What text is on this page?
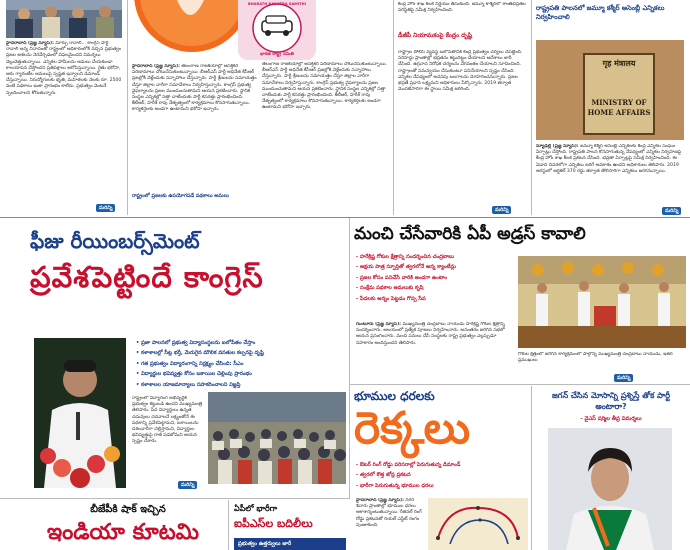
హైదరాబాద్ (ప్రజ్ఞ న్యూస్): మార్పు రావాలి... కాంగ్రెస్ పార్టీ రావాలి అన్న నినాదంతో రాష్ట్రంలో అధికారంలోకి వచ్చిన ప్రభుత్వం ప్రజల ఆశలను నెరవేర్చడంలో విఫలమైందని విమర్శలు వెల్లువెత్తుతున్నాయి. ఎన్నికల హామీలను అమలు చేయకుండా కాలయాపన చేస్తోందని ప్రతిపక్షాలు ఆరోపిస్తున్నాయి. రైతు భరోసా, ఆరు గ్యారంటీల అమలుపై స్పష్టత ఇవ్వాలని డిమాండ్ చేస్తున్నాయి. నిరుద్యోగులకు భృతి, మహిళలకు నెలకు రూ. 2500 వంటి పథకాలు ఇంకా ప్రారంభం కాలేదు. ప్రభుత్వం వెంటనే స్పందించాలని కోరుతున్నారు.
మరిన్ని
BHARATH RASHTRA SAMITHI
భారత రాష్ట్ర సమితి
హైదరాబాద్ (ప్రజ్ఞ న్యూస్): తెలంగాణ రాజకీయాల్లో ఆసక్తికర పరిణామాలు చోటుచేసుకుంటున్నాయి. బీఆర్ఎస్ పార్టీ అధినేత కేసీఆర్ ప్రజల్లోకి వెళ్లేందుకు సన్నాహాలు చేస్తున్నారు. పార్టీ శ్రేణులను సమాయత్తం చేస్తూ జిల్లాల వారీగా సమావేశాలు నిర్వహిస్తున్నారు. కాంగ్రెస్ ప్రభుత్వ వైఫల్యాలను ప్రజల ముందుంచుతామని ఆయన ప్రకటించారు. స్థానిక సంస్థల ఎన్నికల్లో సత్తా చాటేందుకు పార్టీ కసరత్తు ప్రారంభించింది. కేటీఆర్, హరీశ్ రావు నేతృత్వంలో కార్యక్రమాలు కొనసాగుతున్నాయి. కార్యకర్తలకు అండగా ఉంటామని భరోసా ఇచ్చారు.
రాష్ట్రంలో ప్రజలకు ఉపయోగపడే పథకాలు అమలు
తెలంగాణ రాజకీయాల్లో ఆసక్తికర పరిణామాలు చోటుచేసుకుంటున్నాయి. బీఆర్ఎస్ పార్టీ అధినేత కేసీఆర్ ప్రజల్లోకి వెళ్లేందుకు సన్నాహాలు చేస్తున్నారు. పార్టీ శ్రేణులను సమాయత్తం చేస్తూ జిల్లాల వారీగా సమావేశాలు నిర్వహిస్తున్నారు. కాంగ్రెస్ ప్రభుత్వ వైఫల్యాలను ప్రజల ముందుంచుతామని ఆయన ప్రకటించారు. స్థానిక సంస్థల ఎన్నికల్లో సత్తా చాటేందుకు పార్టీ కసరత్తు ప్రారంభించింది. కేటీఆర్, హరీశ్ రావు నేతృత్వంలో కార్యక్రమాలు కొనసాగుతున్నాయి. కార్యకర్తలకు అండగా ఉంటామని భరోసా ఇచ్చారు.
కేంద్ర హోం శాఖ కీలక నిర్ణయం తీసుకుంది. జమ్మూ కాశ్మీర్‌లో శాంతిభద్రతల పరిస్థితిపై సమీక్ష నిర్వహించింది.
డీజీపీ నియామకంపై కేంద్రం దృష్టి
రాష్ట్రాల పోలీస్ వ్యవస్థ బలోపేతానికి కేంద్ర ప్రభుత్వం చర్యలు చేపట్టింది. సరిహద్దు ప్రాంతాల్లో భద్రతను కట్టుదిట్టం చేయాలని ఆదేశాలు జారీ చేసింది. ఉగ్రవాద నిరోధక చర్యలను వేగవంతం చేయాలని సూచించింది. రాష్ట్రాలతో సమన్వయం చేసుకుంటూ పనిచేయాలని స్పష్టం చేసింది. ఎన్నికల నేపథ్యంలో అదనపు బలగాలను మోహరించనున్నారు. ప్రజల భద్రతే ప్రధాన లక్ష్యమని అధికారులు పేర్కొన్నారు. 2019 తర్వాత మొదటిసారిగా ఈ స్థాయి సమీక్ష జరిగింది.
మరిన్ని
రాష్ట్రపతి పాలనలో జమ్మూ కశ్మీర్ అసెంబ్లీ ఎన్నికలు నిర్వహించాలి
गृह मंत्रालय
MINISTRY OF
HOME AFFAIRS
న్యూఢిల్లీ (ప్రజ్ఞ న్యూస్): జమ్మూ కశ్మీర్ అసెంబ్లీ ఎన్నికలకు కేంద్ర ఎన్నికల సంఘం ఏర్పాట్లు చేస్తోంది. రాష్ట్రపతి పాలన కొనసాగుతున్న నేపథ్యంలో ఎన్నికల నిర్వహణపై కేంద్ర హోం శాఖ కీలక ప్రకటన చేసింది. భద్రతా ఏర్పాట్లపై సమీక్ష నిర్వహించింది. ఈ ఏడాది చివరలోగా ఎన్నికలు జరిగే అవకాశం ఉందని అధికారులు తెలిపారు. 2019 ఆగస్టులో ఆర్టికల్ 370 రద్దు తర్వాత తొలిసారిగా ఎన్నికలు జరగనున్నాయి.
మరిన్ని
ఫీజు రీయింబర్స్‌మెంట్
ప్రవేశపెట్టిందే కాంగ్రెస్
• ప్రజా పాలనలో ప్రభుత్వ విద్యాసంస్థలను బలోపేతం చేస్తాం
• కళాశాలల్లో సీట్ల భర్తీ, మెరుగైన మౌలిక వసతుల కల్పనపై దృష్టి
• గత ప్రభుత్వం విద్యారంగాన్ని నిర్లక్ష్యం చేసింది: సీఎం
• విద్యార్థుల భవిష్యత్తు కోసం బకాయిల చెల్లింపు ప్రారంభం
• కళాశాలల యాజమాన్యాలు సహకరించాలని విజ్ఞప్తి
రాష్ట్రంలో విద్యారంగ అభివృద్ధికి ప్రభుత్వం కట్టుబడి ఉందని ముఖ్యమంత్రి తెలిపారు. పేద విద్యార్థులు ఉన్నత చదువులు చదవాలనే లక్ష్యంతోనే ఈ పథకాన్ని ప్రవేశపెట్టామని, బకాయిలను దశలవారీగా చెల్లిస్తామని, విద్యార్థుల భవిష్యత్తుపై రాజీ పడబోమని ఆయన స్పష్టం చేశారు.
మరిన్ని
మంచి చేసేవారికి ఏపీ అడ్రస్ కావాలి
- హరేక్రిష్ణ గోకుల క్షేత్రాన్ని సందర్శించిన చంద్రబాబు
- అక్షయ పాత్ర స్ఫూర్తితో త్వరలోనే అన్న క్యాంటీన్లు
- ప్రజల కోసం పనిచేసే వారికి అండగా ఉంటాం
- సంక్షేమ పథకాల అమలుకు కృషి
- పేదలకు అన్నం పెట్టడం గొప్ప సేవ
గుంటూరు (ప్రజ్ఞ న్యూస్): ముఖ్యమంత్రి చంద్రబాబు నాయుడు హరేక్రిష్ణ గోకుల క్షేత్రాన్ని సందర్శించారు. ఆలయంలో ప్రత్యేక పూజలు నిర్వహించారు. అనంతరం జరిగిన సభలో ఆయన ప్రసంగించారు. మంచి పనులు చేసే సంస్థలకు రాష్ట్ర ప్రభుత్వం ఎల్లప్పుడూ సహకారం అందిస్తుందని తెలిపారు.
గోకుల క్షేత్రంలో జరిగిన కార్యక్రమంలో పాల్గొన్న ముఖ్యమంత్రి చంద్రబాబు నాయుడు, ఇతర ప్రముఖులు
మరిన్ని
భూముల ధరలకు
రెక్కలు
- ఔటర్ రింగ్ రోడ్డు పరిసరాల్లో పెరుగుతున్న డిమాండ్
- త్వరలో కొత్త జోన్ల ప్రకటన
- భారీగా పెరుగుతున్న భూముల ధరలు
హైదరాబాద్ (ప్రజ్ఞ న్యూస్): నగర శివారు ప్రాంతాల్లో భూముల ధరలు ఆకాశాన్నంటుతున్నాయి. రీజినల్ రింగ్ రోడ్డు ప్రకటనతో రియల్ ఎస్టేట్ రంగం పుంజుకుంది.
జగన్ చేసిన మోసాన్ని ప్రశ్నిస్తే తోక పార్టీ అంటారా?
- వైఎస్ షర్మిల తీవ్ర విమర్శలు
బీజేపీకి షాక్ ఇచ్చిన
ఇండియా కూటమి
ఏపీలో భారీగా
ఐపీఎస్‌ల బదిలీలు
ప్రభుత్వం ఉత్తర్వులు జారీ
